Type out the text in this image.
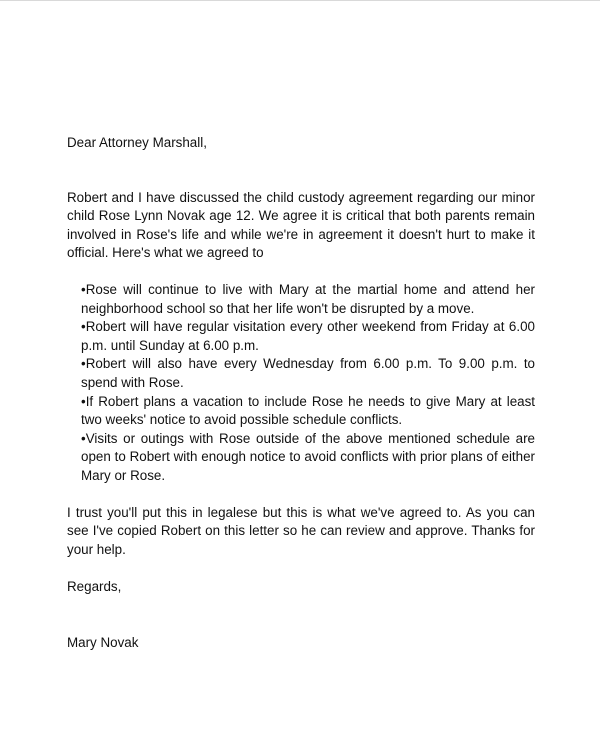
Dear Attorney Marshall,

Robert and I have discussed the child custody agreement regarding our minor child Rose Lynn Novak age 12. We agree it is critical that both parents remain involved in Rose's life and while we're in agreement it doesn't hurt to make it official. Here's what we agreed to

•Rose will continue to live with Mary at the martial home and attend her neighborhood school so that her life won't be disrupted by a move.
•Robert will have regular visitation every other weekend from Friday at 6.00 p.m. until Sunday at 6.00 p.m.
•Robert will also have every Wednesday from 6.00 p.m. To 9.00 p.m. to spend with Rose.
•If Robert plans a vacation to include Rose he needs to give Mary at least two weeks' notice to avoid possible schedule conflicts.
•Visits or outings with Rose outside of the above mentioned schedule are open to Robert with enough notice to avoid conflicts with prior plans of either Mary or Rose.

I trust you'll put this in legalese but this is what we've agreed to. As you can see I've copied Robert on this letter so he can review and approve. Thanks for your help.

Regards,

Mary Novak
